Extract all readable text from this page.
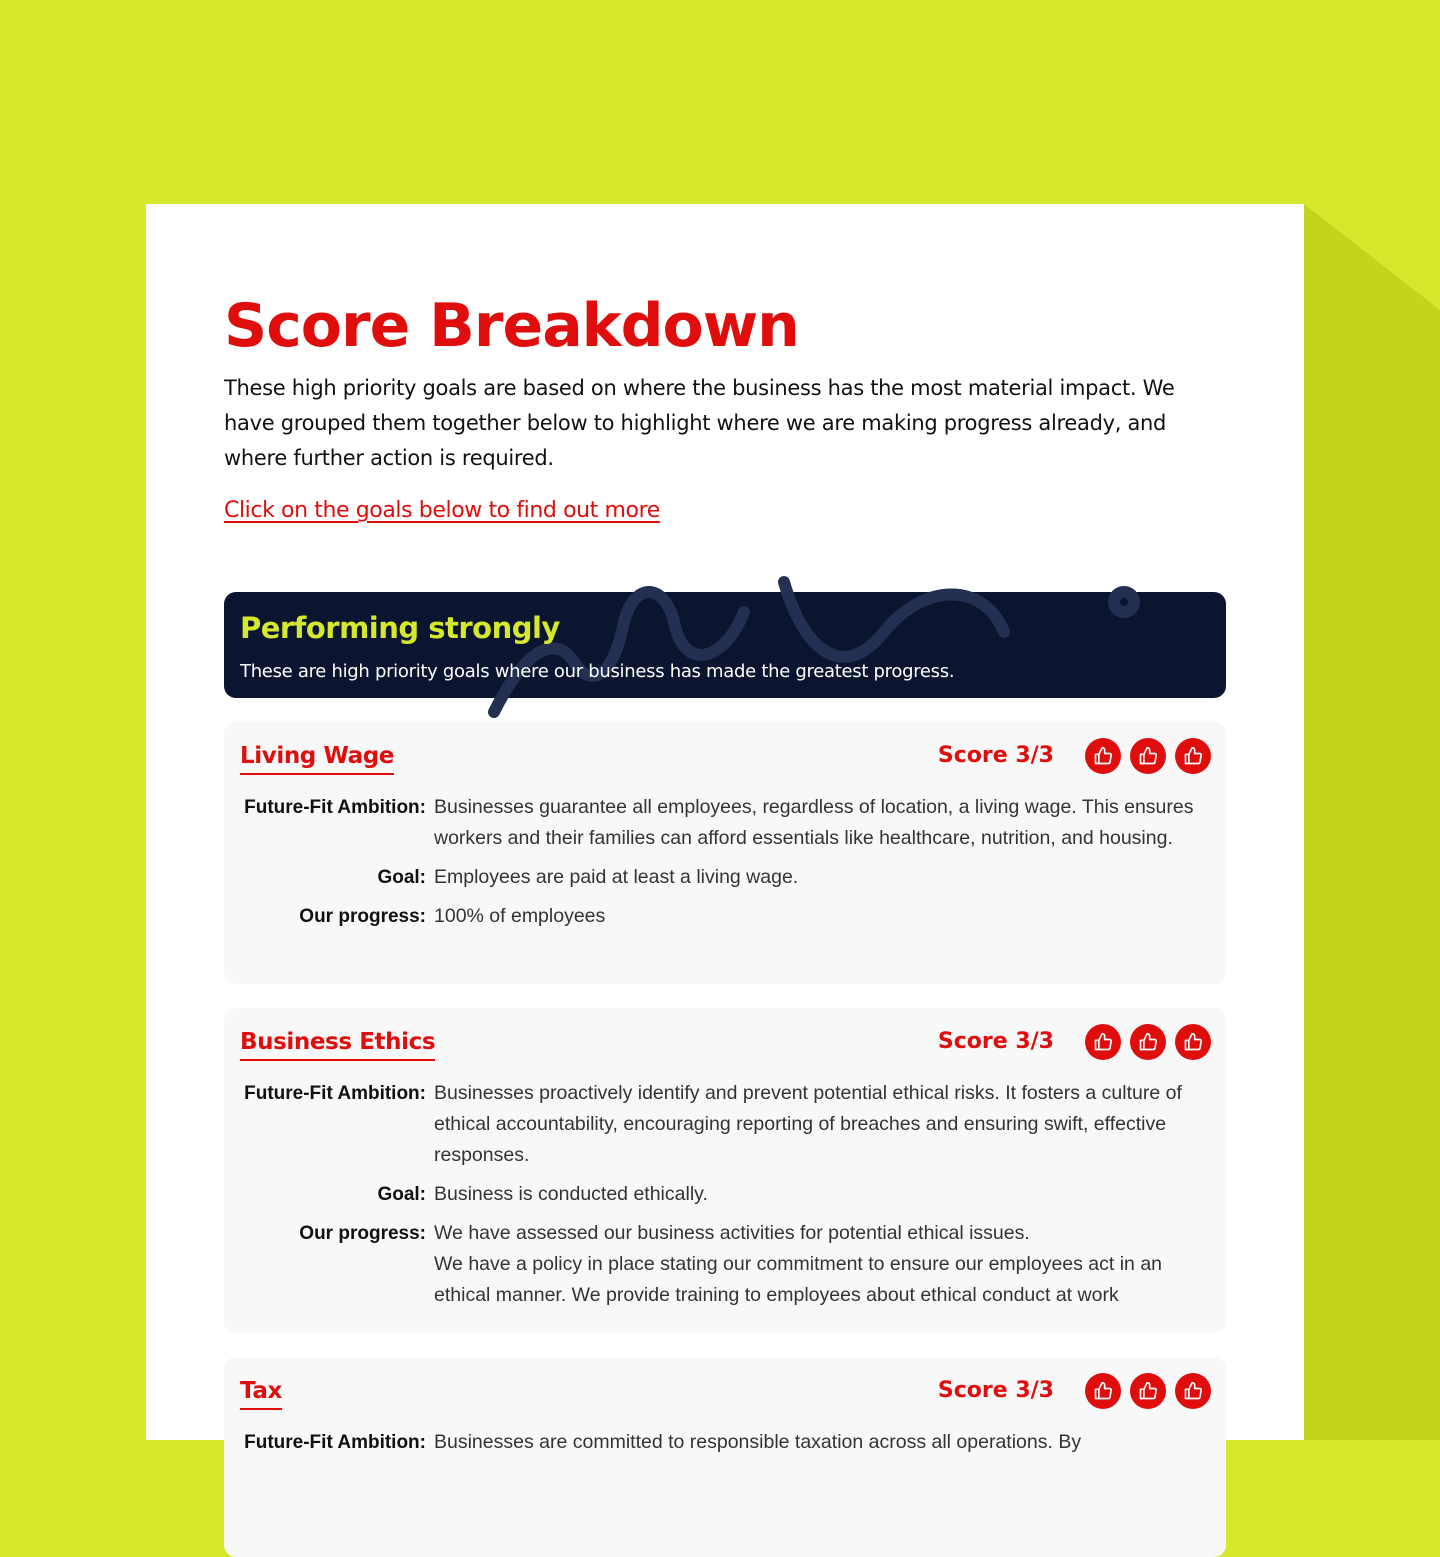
Score Breakdown

These high priority goals are based on where the business has the most material impact. We have grouped them together below to highlight where we are making progress already, and where further action is required.

Click on the goals below to find out more
Performing strongly
These are high priority goals where our business has made the greatest progress.
Living Wage	Score 3/3
Future-Fit Ambition: Businesses guarantee all employees, regardless of location, a living wage. This ensures workers and their families can afford essentials like healthcare, nutrition, and housing.
Goal: Employees are paid at least a living wage.
Our progress: 100% of employees

Business Ethics	Score 3/3
Future-Fit Ambition: Businesses proactively identify and prevent potential ethical risks. It fosters a culture of ethical accountability, encouraging reporting of breaches and ensuring swift, effective responses.
Goal: Business is conducted ethically.
Our progress: We have assessed our business activities for potential ethical issues.

We have a policy in place stating our commitment to ensure our employees act in an ethical manner. We provide training to employees about ethical conduct at work

Tax	Score 3/3
Future-Fit Ambition: Businesses are committed to responsible taxation across all operations. By
